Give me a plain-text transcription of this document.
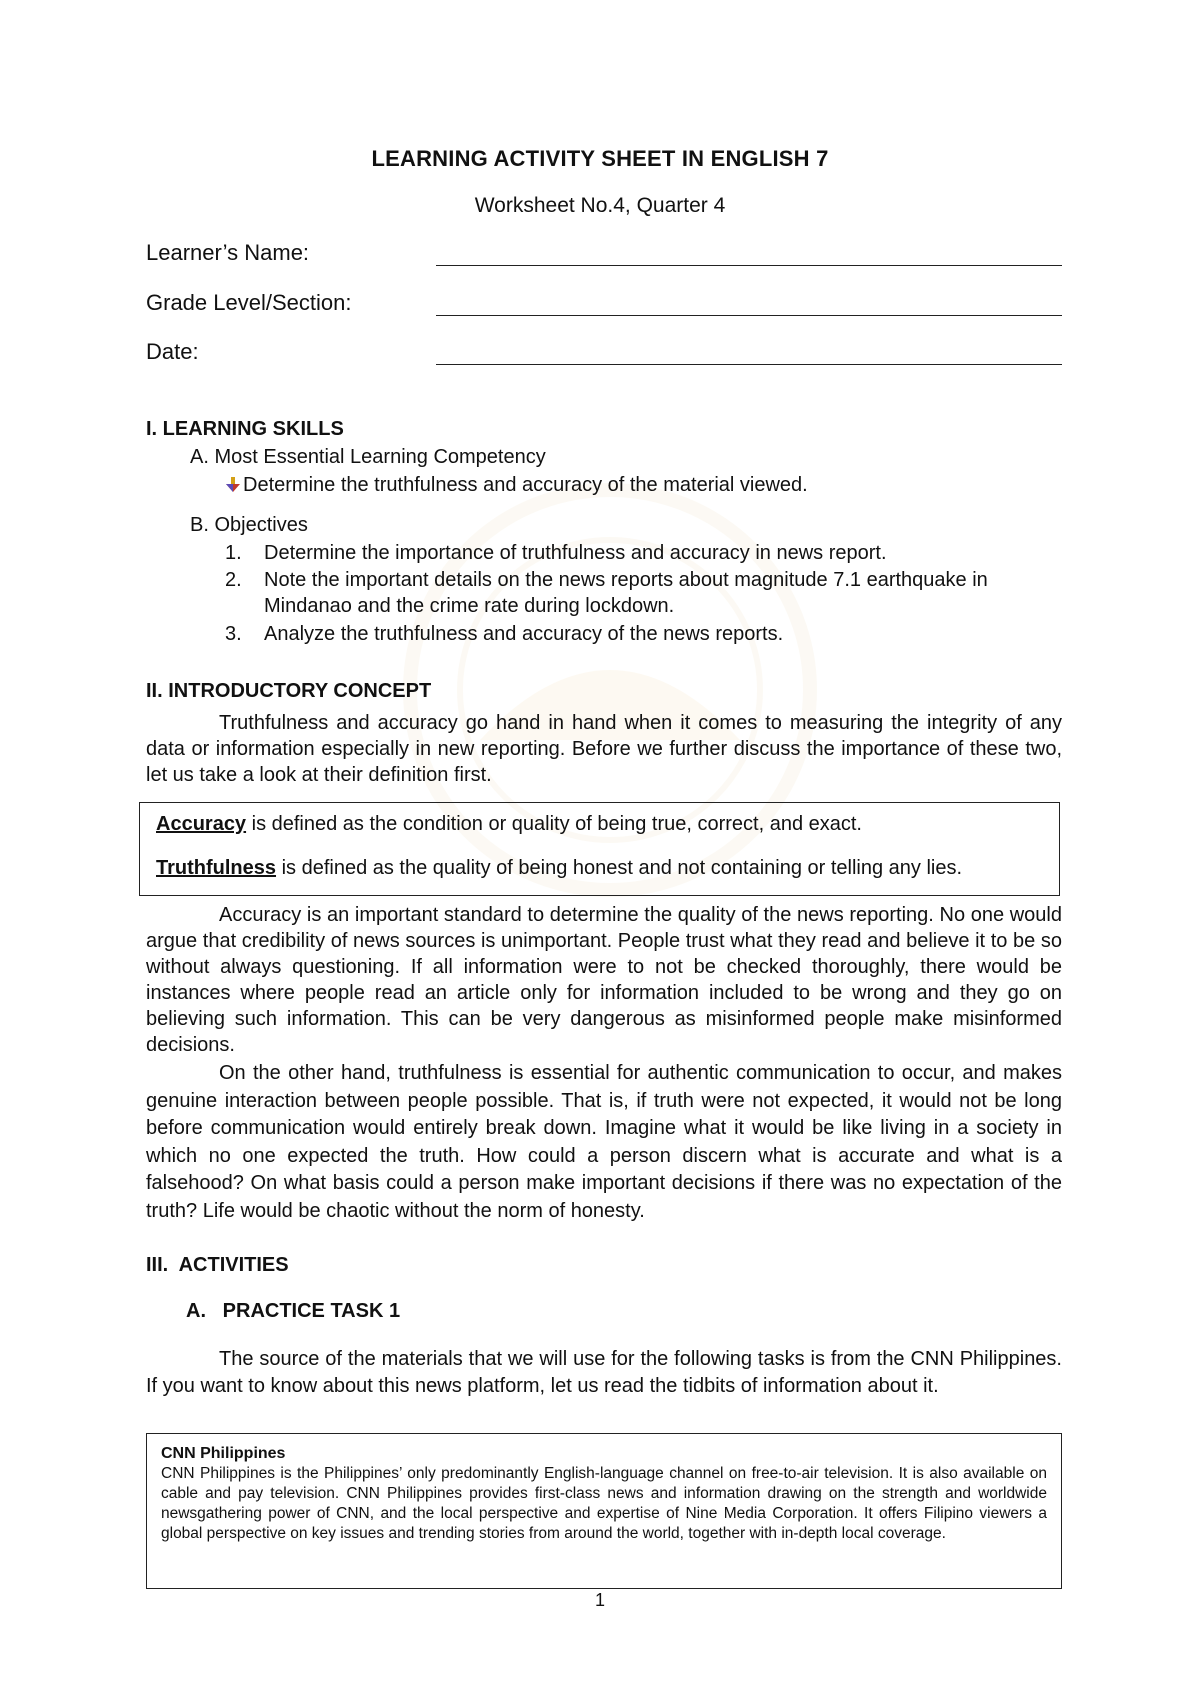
LEARNING ACTIVITY SHEET IN ENGLISH 7
Worksheet No.4, Quarter 4
Learner’s Name:
Grade Level/Section:
Date:
I. LEARNING SKILLS
A. Most Essential Learning Competency
Determine the truthfulness and accuracy of the material viewed.
B. Objectives
1. Determine the importance of truthfulness and accuracy in news report.
2. Note the important details on the news reports about magnitude 7.1 earthquake in Mindanao and the crime rate during lockdown.
3. Analyze the truthfulness and accuracy of the news reports.
II. INTRODUCTORY CONCEPT
Truthfulness and accuracy go hand in hand when it comes to measuring the integrity of any data or information especially in new reporting. Before we further discuss the importance of these two, let us take a look at their definition first.
Accuracy is defined as the condition or quality of being true, correct, and exact.
Truthfulness is defined as the quality of being honest and not containing or telling any lies.
Accuracy is an important standard to determine the quality of the news reporting. No one would argue that credibility of news sources is unimportant. People trust what they read and believe it to be so without always questioning. If all information were to not be checked thoroughly, there would be instances where people read an article only for information included to be wrong and they go on believing such information. This can be very dangerous as misinformed people make misinformed decisions.
On the other hand, truthfulness is essential for authentic communication to occur, and makes genuine interaction between people possible. That is, if truth were not expected, it would not be long before communication would entirely break down. Imagine what it would be like living in a society in which no one expected the truth. How could a person discern what is accurate and what is a falsehood? On what basis could a person make important decisions if there was no expectation of the truth? Life would be chaotic without the norm of honesty.
III.  ACTIVITIES
A.   PRACTICE TASK 1
The source of the materials that we will use for the following tasks is from the CNN Philippines. If you want to know about this news platform, let us read the tidbits of information about it.
CNN Philippines
CNN Philippines is the Philippines’ only predominantly English-language channel on free-to-air television. It is also available on cable and pay television. CNN Philippines provides first-class news and information drawing on the strength and worldwide newsgathering power of CNN, and the local perspective and expertise of Nine Media Corporation. It offers Filipino viewers a global perspective on key issues and trending stories from around the world, together with in-depth local coverage.
1
